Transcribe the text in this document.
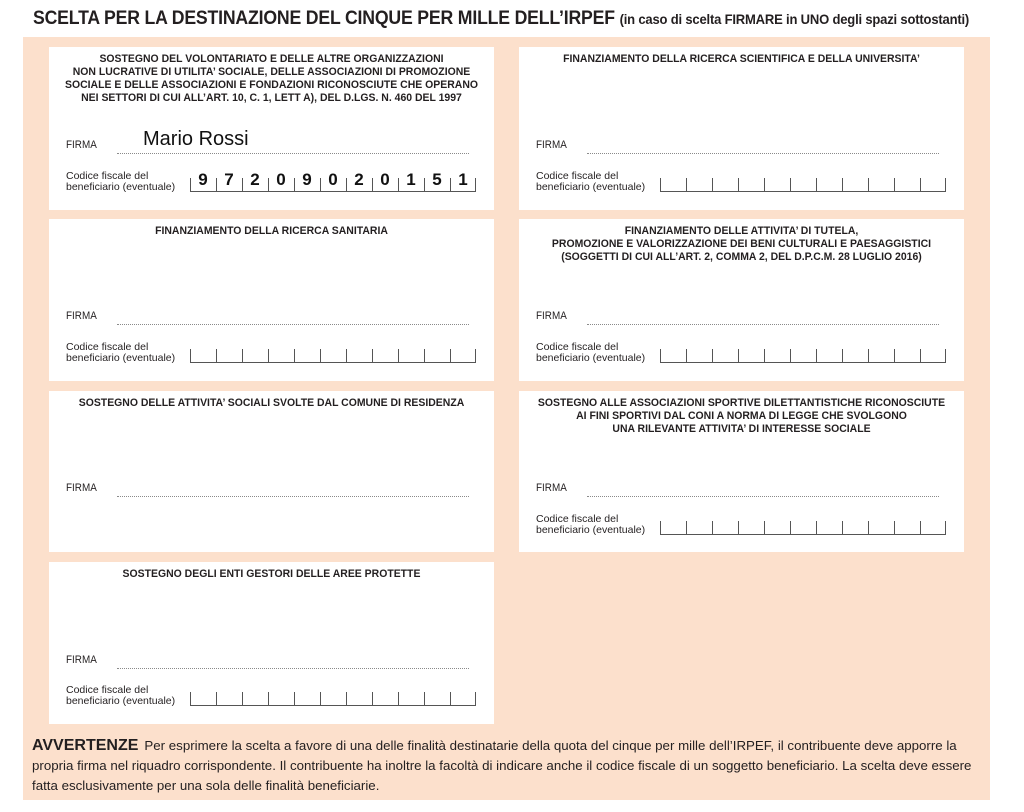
SCELTA PER LA DESTINAZIONE DEL CINQUE PER MILLE DELL’IRPEF (in caso di scelta FIRMARE in UNO degli spazi sottostanti)
SOSTEGNO DEL VOLONTARIATO E DELLE ALTRE ORGANIZZAZIONI
NON LUCRATIVE DI UTILITA’ SOCIALE, DELLE ASSOCIAZIONI DI PROMOZIONE
SOCIALE E DELLE ASSOCIAZIONI E FONDAZIONI RICONOSCIUTE CHE OPERANO
NEI SETTORI DI CUI ALL’ART. 10, C. 1, LETT A), DEL D.LGS. N. 460 DEL 1997
FIRMA Mario Rossi
Codice fiscale del
beneficiario (eventuale)	9 7 2 0 9 0 2 0 1 5 1
FINANZIAMENTO DELLA RICERCA SCIENTIFICA E DELLA UNIVERSITA’
FIRMA
Codice fiscale del
beneficiario (eventuale)
FINANZIAMENTO DELLA RICERCA SANITARIA
FIRMA
Codice fiscale del
beneficiario (eventuale)
FINANZIAMENTO DELLE ATTIVITA’ DI TUTELA,
PROMOZIONE E VALORIZZAZIONE DEI BENI CULTURALI E PAESAGGISTICI
(SOGGETTI DI CUI ALL’ART. 2, COMMA 2, DEL D.P.C.M. 28 LUGLIO 2016)
FIRMA
Codice fiscale del
beneficiario (eventuale)
SOSTEGNO DELLE ATTIVITA’ SOCIALI SVOLTE DAL COMUNE DI RESIDENZA
FIRMA
SOSTEGNO ALLE ASSOCIAZIONI SPORTIVE DILETTANTISTICHE RICONOSCIUTE
AI FINI SPORTIVI DAL CONI A NORMA DI LEGGE CHE SVOLGONO
UNA RILEVANTE ATTIVITA’ DI INTERESSE SOCIALE
FIRMA
Codice fiscale del
beneficiario (eventuale)
SOSTEGNO DEGLI ENTI GESTORI DELLE AREE PROTETTE
FIRMA
Codice fiscale del
beneficiario (eventuale)
AVVERTENZE Per esprimere la scelta a favore di una delle finalità destinatarie della quota del cinque per mille dell’IRPEF, il contribuente deve apporre la propria firma nel riquadro corrispondente. Il contribuente ha inoltre la facoltà di indicare anche il codice fiscale di un soggetto beneficiario. La scelta deve essere fatta esclusivamente per una sola delle finalità beneficiarie.
